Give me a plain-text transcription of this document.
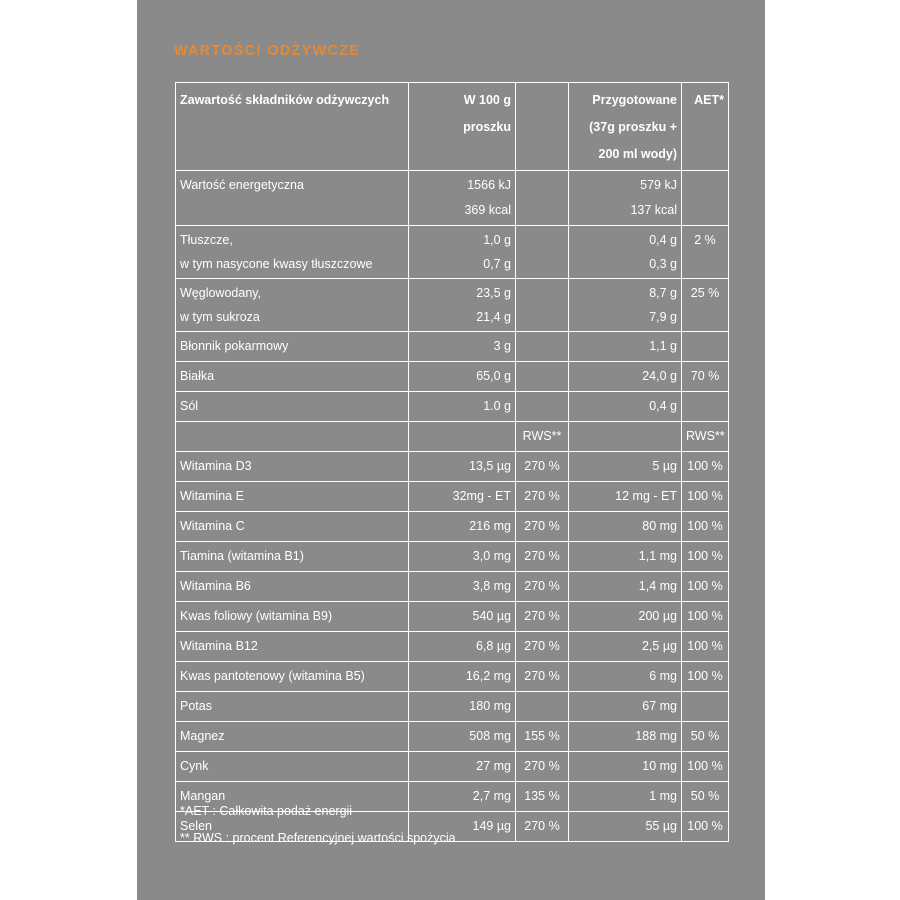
WARTOŚCI ODŻYWCZE
Zawartość składników odżywczych	W 100 g
proszku		Przygotowane
(37g proszku +
200 ml wody)	AET*

Wartość energetyczna	1566 kJ
369 kcal		579 kJ
137 kcal	

Tłuszcze,
w tym nasycone kwasy tłuszczowe	1,0 g
0,7 g		0,4 g
0,3 g	2 %

Węglowodany,
w tym sukroza	23,5 g
21,4 g		8,7 g
7,9 g	25 %

Błonnik pokarmowy	3 g		1,1 g	

Białka	65,0 g		24,0 g	70 %

Sól	1.0 g		0,4 g	

	RWS**		RWS**

Witamina D3	13,5 µg	270 %	5 µg	100 %

Witamina E	32mg - ET	270 %	12 mg - ET	100 %

Witamina C	216 mg	270 %	80 mg	100 %

Tiamina (witamina B1)	3,0 mg	270 %	1,1 mg	100 %

Witamina B6	3,8 mg	270 %	1,4 mg	100 %

Kwas foliowy (witamina B9)	540 µg	270 %	200 µg	100 %

Witamina B12	6,8 µg	270 %	2,5 µg	100 %

Kwas pantotenowy (witamina B5)	16,2 mg	270 %	6 mg	100 %

Potas	180 mg		67 mg	

Magnez	508 mg	155 %	188 mg	50 %

Cynk	27 mg	270 %	10 mg	100 %

Mangan	2,7 mg	135 %	1 mg	50 %

Selen	149 µg	270 %	55 µg	100 %
*AET : Całkowita podaż energii
** RWS : procent Referencyjnej wartości spożycia
